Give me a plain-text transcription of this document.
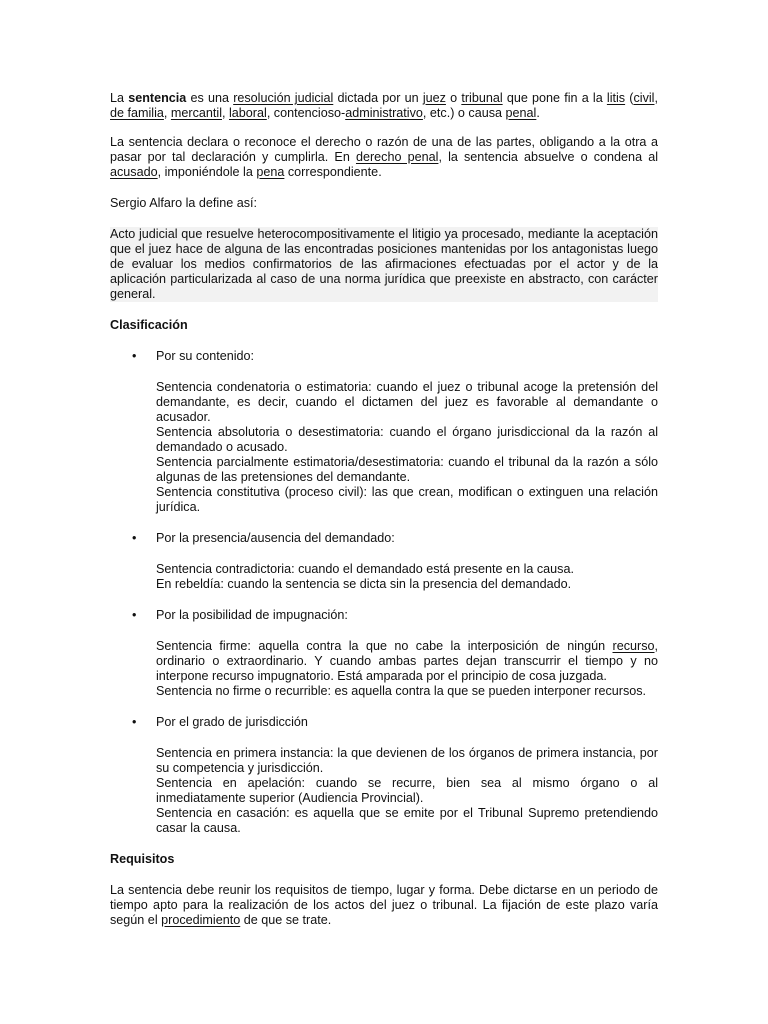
La sentencia es una resolución judicial dictada por un juez o tribunal que pone fin a la litis (civil, de familia, mercantil, laboral, contencioso-administrativo, etc.) o causa penal.

La sentencia declara o reconoce el derecho o razón de una de las partes, obligando a la otra a pasar por tal declaración y cumplirla. En derecho penal, la sentencia absuelve o condena al acusado, imponiéndole la pena correspondiente.

Sergio Alfaro la define así:

Acto judicial que resuelve heterocompositivamente el litigio ya procesado, mediante la aceptación que el juez hace de alguna de las encontradas posiciones mantenidas por los antagonistas luego de evaluar los medios confirmatorios de las afirmaciones efectuadas por el actor y de la aplicación particularizada al caso de una norma jurídica que preexiste en abstracto, con carácter general.

Clasificación

• Por su contenido:

Sentencia condenatoria o estimatoria: cuando el juez o tribunal acoge la pretensión del demandante, es decir, cuando el dictamen del juez es favorable al demandante o acusador.

Sentencia absolutoria o desestimatoria: cuando el órgano jurisdiccional da la razón al demandado o acusado.

Sentencia parcialmente estimatoria/desestimatoria: cuando el tribunal da la razón a sólo algunas de las pretensiones del demandante.

Sentencia constitutiva (proceso civil): las que crean, modifican o extinguen una relación jurídica.

• Por la presencia/ausencia del demandado:

Sentencia contradictoria: cuando el demandado está presente en la causa.

En rebeldía: cuando la sentencia se dicta sin la presencia del demandado.

• Por la posibilidad de impugnación:

Sentencia firme: aquella contra la que no cabe la interposición de ningún recurso, ordinario o extraordinario. Y cuando ambas partes dejan transcurrir el tiempo y no interpone recurso impugnatorio. Está amparada por el principio de cosa juzgada.

Sentencia no firme o recurrible: es aquella contra la que se pueden interponer recursos.

• Por el grado de jurisdicción

Sentencia en primera instancia: la que devienen de los órganos de primera instancia, por su competencia y jurisdicción.

Sentencia en apelación: cuando se recurre, bien sea al mismo órgano o al inmediatamente superior (Audiencia Provincial).

Sentencia en casación: es aquella que se emite por el Tribunal Supremo pretendiendo casar la causa.

Requisitos

La sentencia debe reunir los requisitos de tiempo, lugar y forma. Debe dictarse en un periodo de tiempo apto para la realización de los actos del juez o tribunal. La fijación de este plazo varía según el procedimiento de que se trate.
